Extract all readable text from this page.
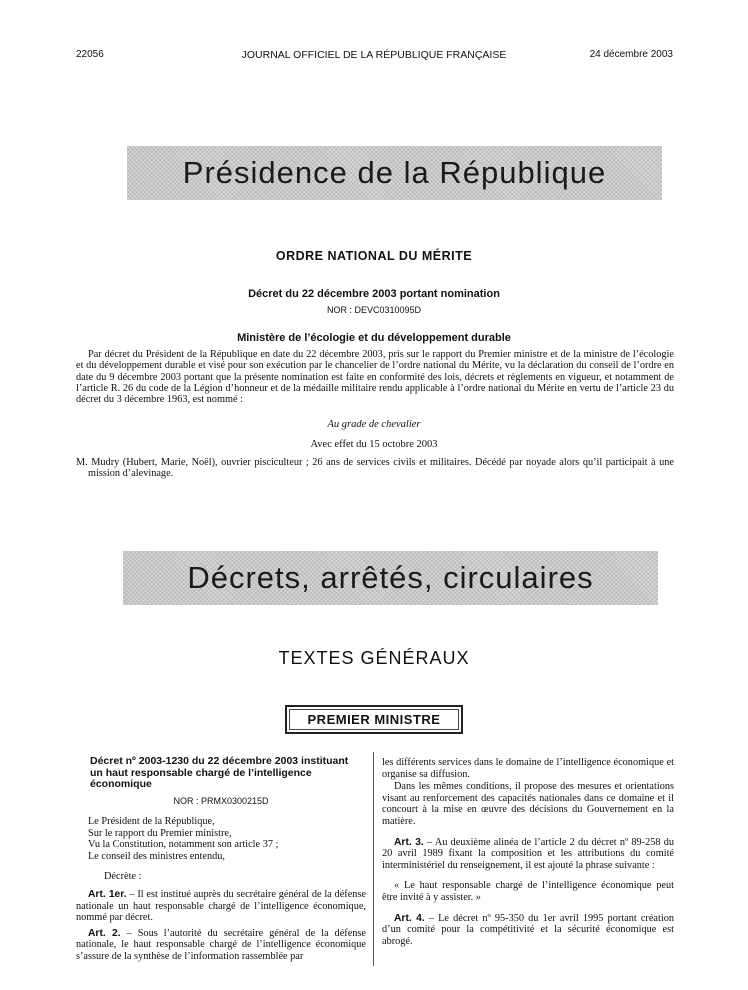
22056	JOURNAL OFFICIEL DE LA RÉPUBLIQUE FRANÇAISE	24 décembre 2003
Présidence de la République
ORDRE NATIONAL DU MÉRITE
Décret du 22 décembre 2003 portant nomination
NOR : DEVC0310095D
Ministère de l’écologie et du développement durable

Par décret du Président de la République en date du 22 décembre 2003, pris sur le rapport du Premier ministre et de la ministre de l’écologie et du développement durable et visé pour son exécution par le chancelier de l’ordre national du Mérite, vu la déclaration du conseil de l’ordre en date du 9 décembre 2003 portant que la présente nomination est faite en conformité des lois, décrets et règlements en vigueur, et notamment de l’article R. 26 du code de la Légion d’honneur et de la médaille militaire rendu applicable à l’ordre national du Mérite en vertu de l’article 23 du décret du 3 décembre 1963, est nommé :

Au grade de chevalier
Avec effet du 15 octobre 2003

M. Mudry (Hubert, Marie, Noël), ouvrier pisciculteur ; 26 ans de services civils et militaires. Décédé par noyade alors qu’il participait à une mission d’alevinage.

Décrets, arrêtés, circulaires
TEXTES GÉNÉRAUX
PREMIER MINISTRE
Décret nº 2003-1230 du 22 décembre 2003 instituant un haut responsable chargé de l’intelligence économique
NOR : PRMX0300215D

Le Président de la République,

Sur le rapport du Premier ministre,

Vu la Constitution, notamment son article 37 ;

Le conseil des ministres entendu,

Décrète :

Art. 1er. – Il est institué auprès du secrétaire général de la défense nationale un haut responsable chargé de l’intelligence économique, nommé par décret.

Art. 2. – Sous l’autorité du secrétaire général de la défense nationale, le haut responsable chargé de l’intelligence économique s’assure de la synthèse de l’information rassemblée par

les différents services dans le domaine de l’intelligence économique et organise sa diffusion.

Dans les mêmes conditions, il propose des mesures et orientations visant au renforcement des capacités nationales dans ce domaine et il concourt à la mise en œuvre des décisions du Gouvernement en la matière.

Art. 3. – Au deuxième alinéa de l’article 2 du décret nº 89-258 du 20 avril 1989 fixant la composition et les attributions du comité interministériel du renseignement, il est ajouté la phrase suivante :

« Le haut responsable chargé de l’intelligence économique peut être invité à y assister. »

Art. 4. – Le décret nº 95-350 du 1er avril 1995 portant création d’un comité pour la compétitivité et la sécurité économique est abrogé.
